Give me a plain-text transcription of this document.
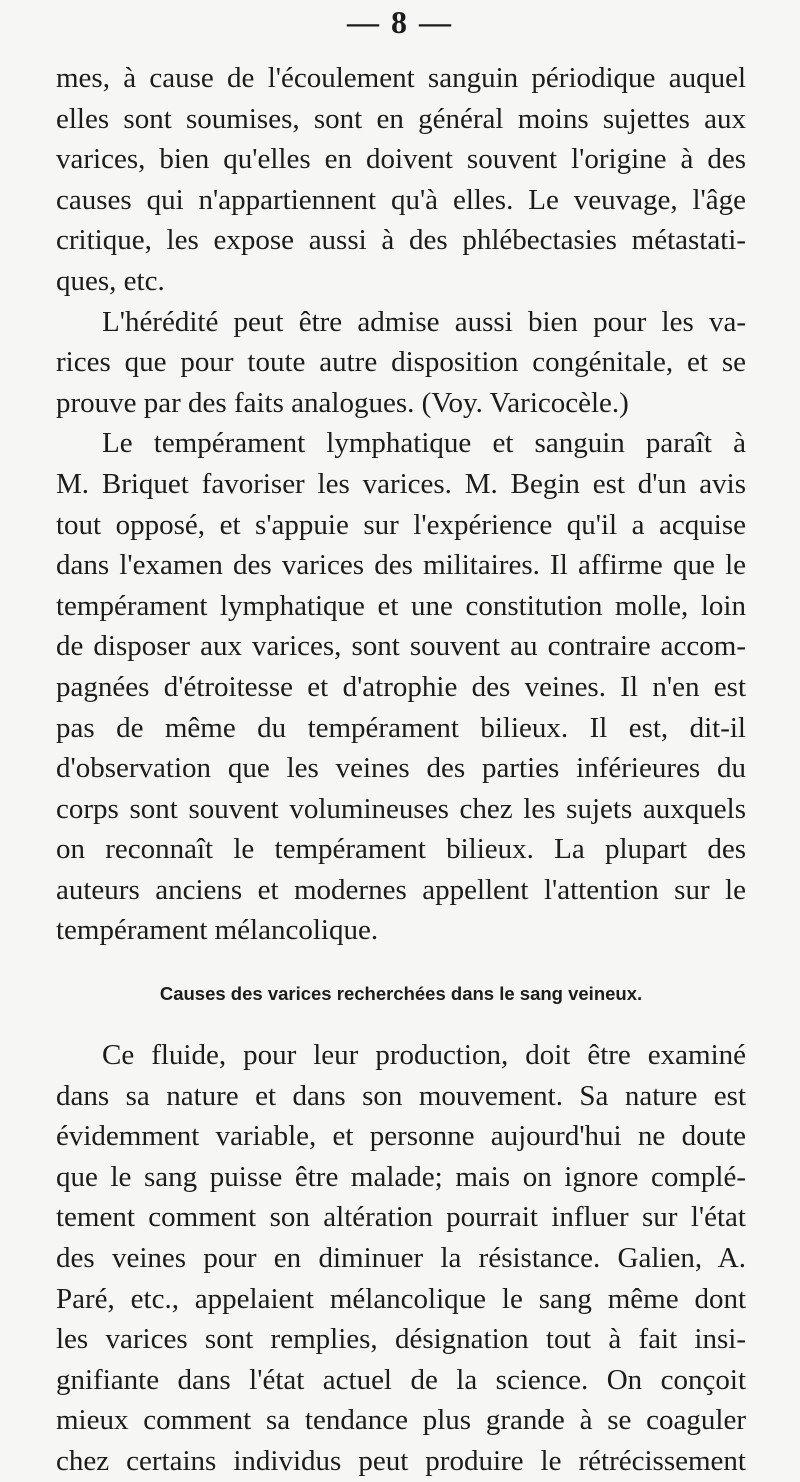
— 8 —
mes, à cause de l'écoulement sanguin périodique auquel
elles sont soumises, sont en général moins sujettes aux
varices, bien qu'elles en doivent souvent l'origine à des
causes qui n'appartiennent qu'à elles. Le veuvage, l'âge
critique, les expose aussi à des phlébectasies métastati-
ques, etc.
L'hérédité peut être admise aussi bien pour les va-
rices que pour toute autre disposition congénitale, et se
prouve par des faits analogues. (Voy. Varicocèle.)
Le tempérament lymphatique et sanguin paraît à
M. Briquet favoriser les varices. M. Begin est d'un avis
tout opposé, et s'appuie sur l'expérience qu'il a acquise
dans l'examen des varices des militaires. Il affirme que le
tempérament lymphatique et une constitution molle, loin
de disposer aux varices, sont souvent au contraire accom-
pagnées d'étroitesse et d'atrophie des veines. Il n'en est
pas de même du tempérament bilieux. Il est, dit-il
d'observation que les veines des parties inférieures du
corps sont souvent volumineuses chez les sujets auxquels
on reconnaît le tempérament bilieux. La plupart des
auteurs anciens et modernes appellent l'attention sur le
tempérament mélancolique.
Causes des varices recherchées dans le sang veineux.
Ce fluide, pour leur production, doit être examiné
dans sa nature et dans son mouvement. Sa nature est
évidemment variable, et personne aujourd'hui ne doute
que le sang puisse être malade; mais on ignore complé-
tement comment son altération pourrait influer sur l'état
des veines pour en diminuer la résistance. Galien, A.
Paré, etc., appelaient mélancolique le sang même dont
les varices sont remplies, désignation tout à fait insi-
gnifiante dans l'état actuel de la science. On conçoit
mieux comment sa tendance plus grande à se coaguler
chez certains individus peut produire le rétrécissement
